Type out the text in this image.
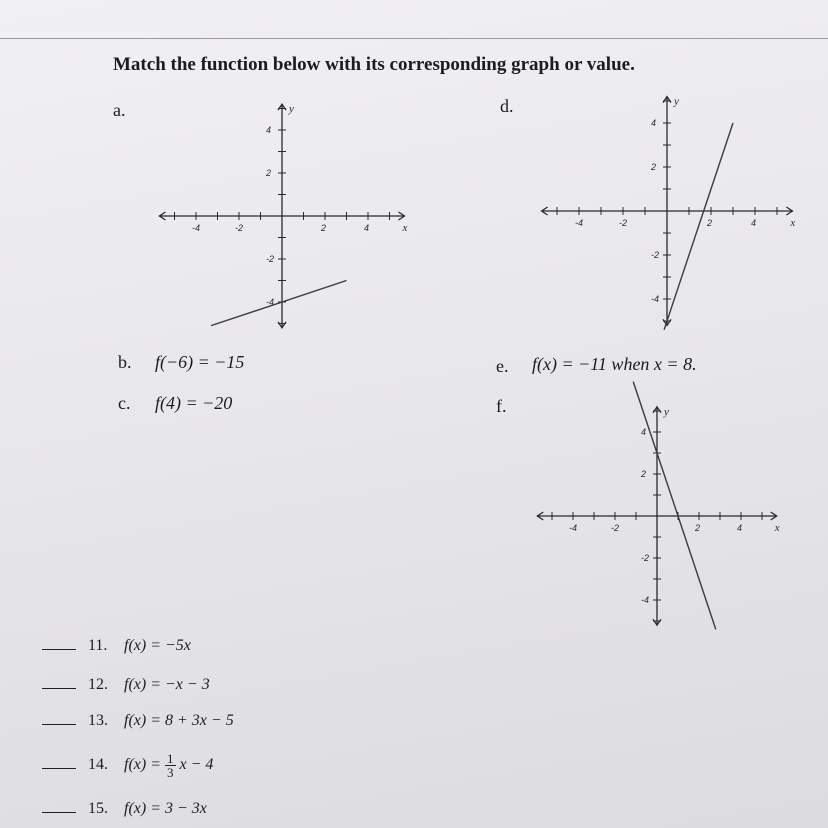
Match the function below with its corresponding graph or value.
a.	d.
-4	-2	2	4
4
2
-2
-4
x
y
-4	-2	2	4
4
2
-2
-4
x
y
-4	-2	2	4
4
2
-2
-4
x
y
b. f(−6) = −15
c. f(4) = −20
e. f(x) = −11 when x = 8.
f.
11. f(x) = −5x
12. f(x) = −x − 3
13. f(x) = 8 + 3x − 5
14. $f(x) = \frac{1}{3}$ x − 4
15. f(x) = 3 − 3x
